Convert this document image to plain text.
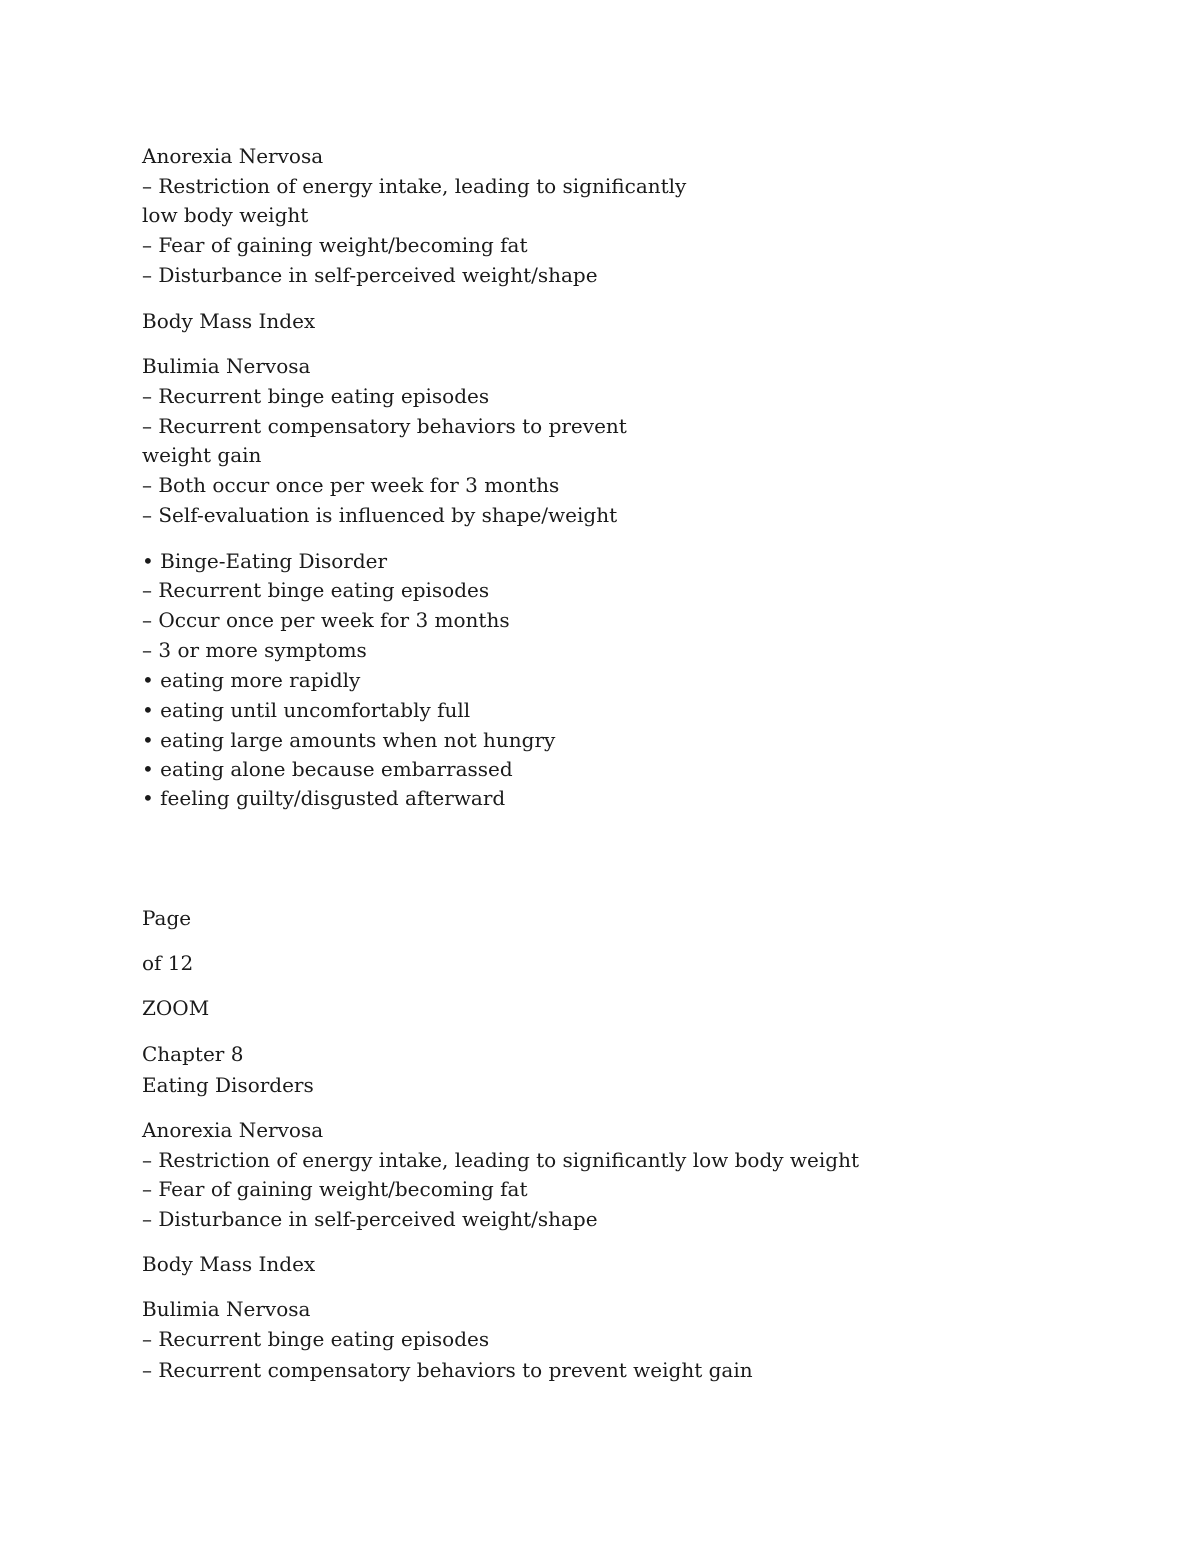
Anorexia Nervosa
– Restriction of energy intake, leading to significantly
low body weight
– Fear of gaining weight/becoming fat
– Disturbance in self-perceived weight/shape
Body Mass Index
Bulimia Nervosa
– Recurrent binge eating episodes
– Recurrent compensatory behaviors to prevent
weight gain
– Both occur once per week for 3 months
– Self-evaluation is influenced by shape/weight
• Binge-Eating Disorder
– Recurrent binge eating episodes
– Occur once per week for 3 months
– 3 or more symptoms
• eating more rapidly
• eating until uncomfortably full
• eating large amounts when not hungry
• eating alone because embarrassed
• feeling guilty/disgusted afterward
Page
of 12
ZOOM
Chapter 8
Eating Disorders
Anorexia Nervosa
– Restriction of energy intake, leading to significantly low body weight
– Fear of gaining weight/becoming fat
– Disturbance in self-perceived weight/shape
Body Mass Index
Bulimia Nervosa
– Recurrent binge eating episodes
– Recurrent compensatory behaviors to prevent weight gain
